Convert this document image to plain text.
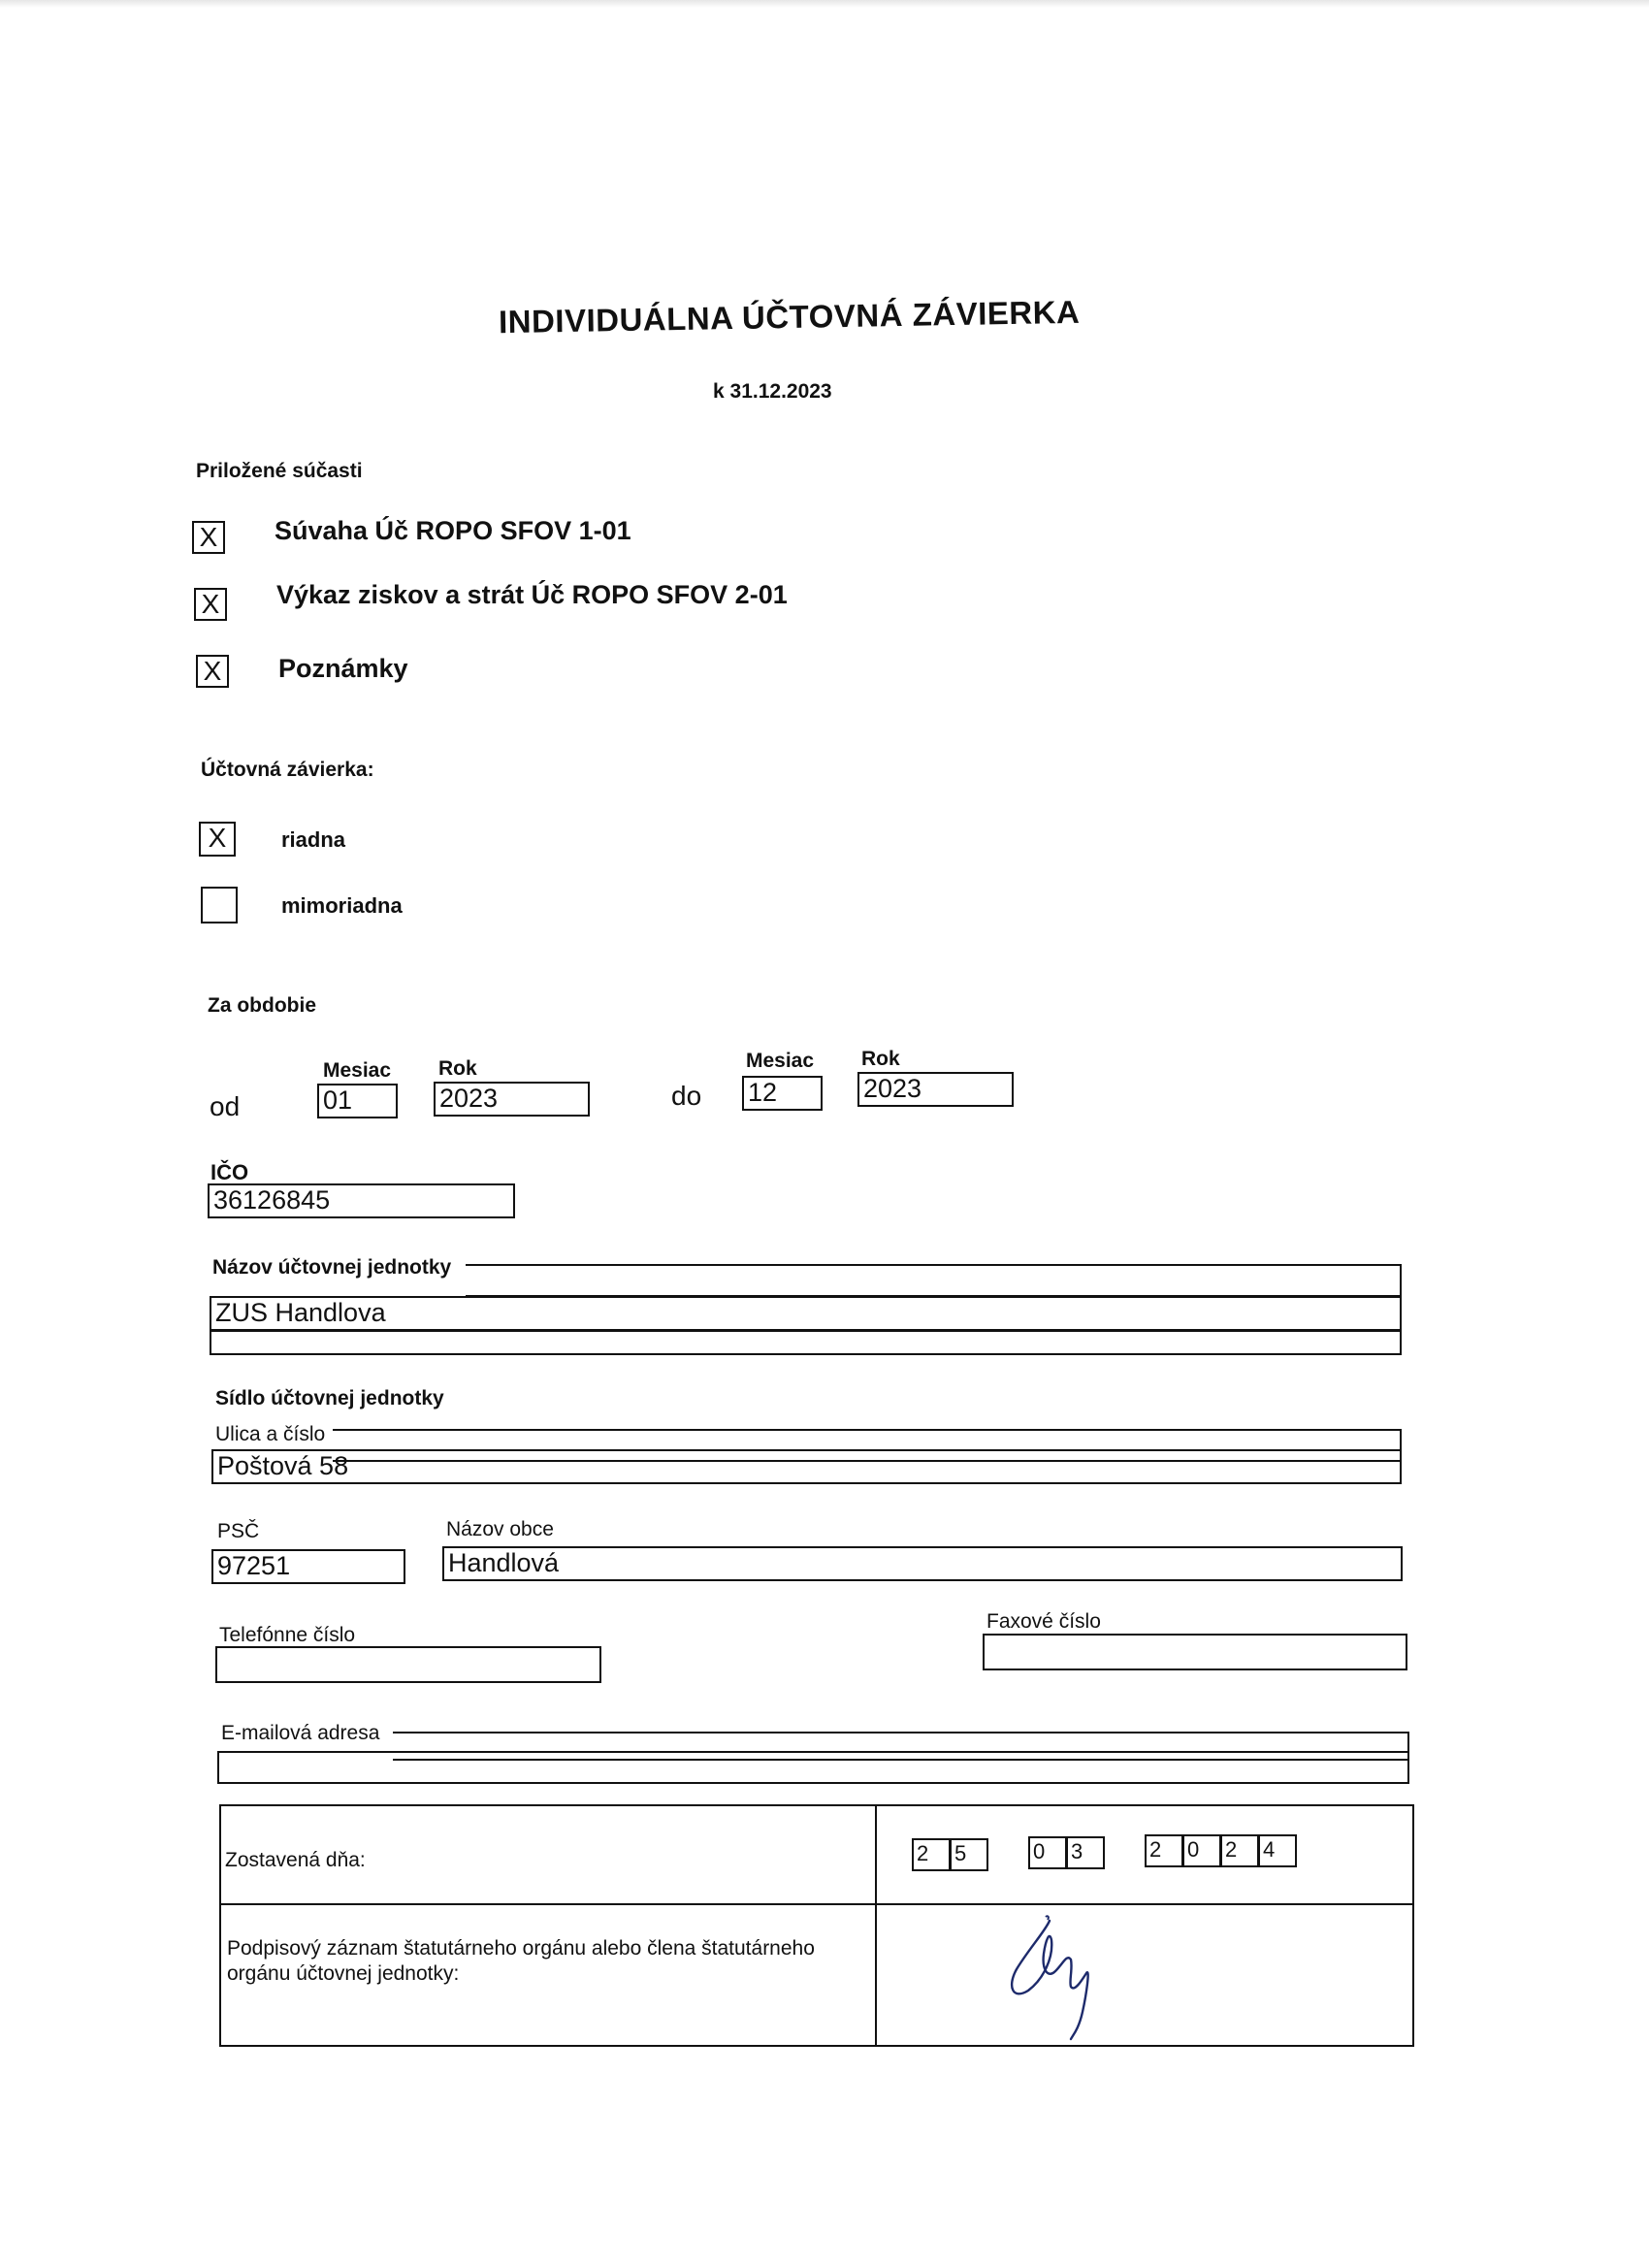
INDIVIDUÁLNA ÚČTOVNÁ ZÁVIERKA
k 31.12.2023
Priložené súčasti
X Súvaha Úč ROPO SFOV 1-01
X Výkaz ziskov a strát Úč ROPO SFOV 2-01
X Poznámky
Účtovná závierka:
X	riadna
mimoriadna
Za obdobie
Mesiac Rok
od	01	2023
Mesiac Rok
do 12	2023
IČO
36126845
Názov účtovnej jednotky
ZUS Handlova
Sídlo účtovnej jednotky
Ulica a číslo
Poštová 58
PSČ
97251
Názov obce
Handlová
Telefónne číslo
Faxové číslo
E-mailová adresa
Zostavená dňa:	2	5	0	3	2	0	2	4
Podpisový záznam štatutárneho orgánu alebo člena štatutárneho
orgánu účtovnej jednotky:
